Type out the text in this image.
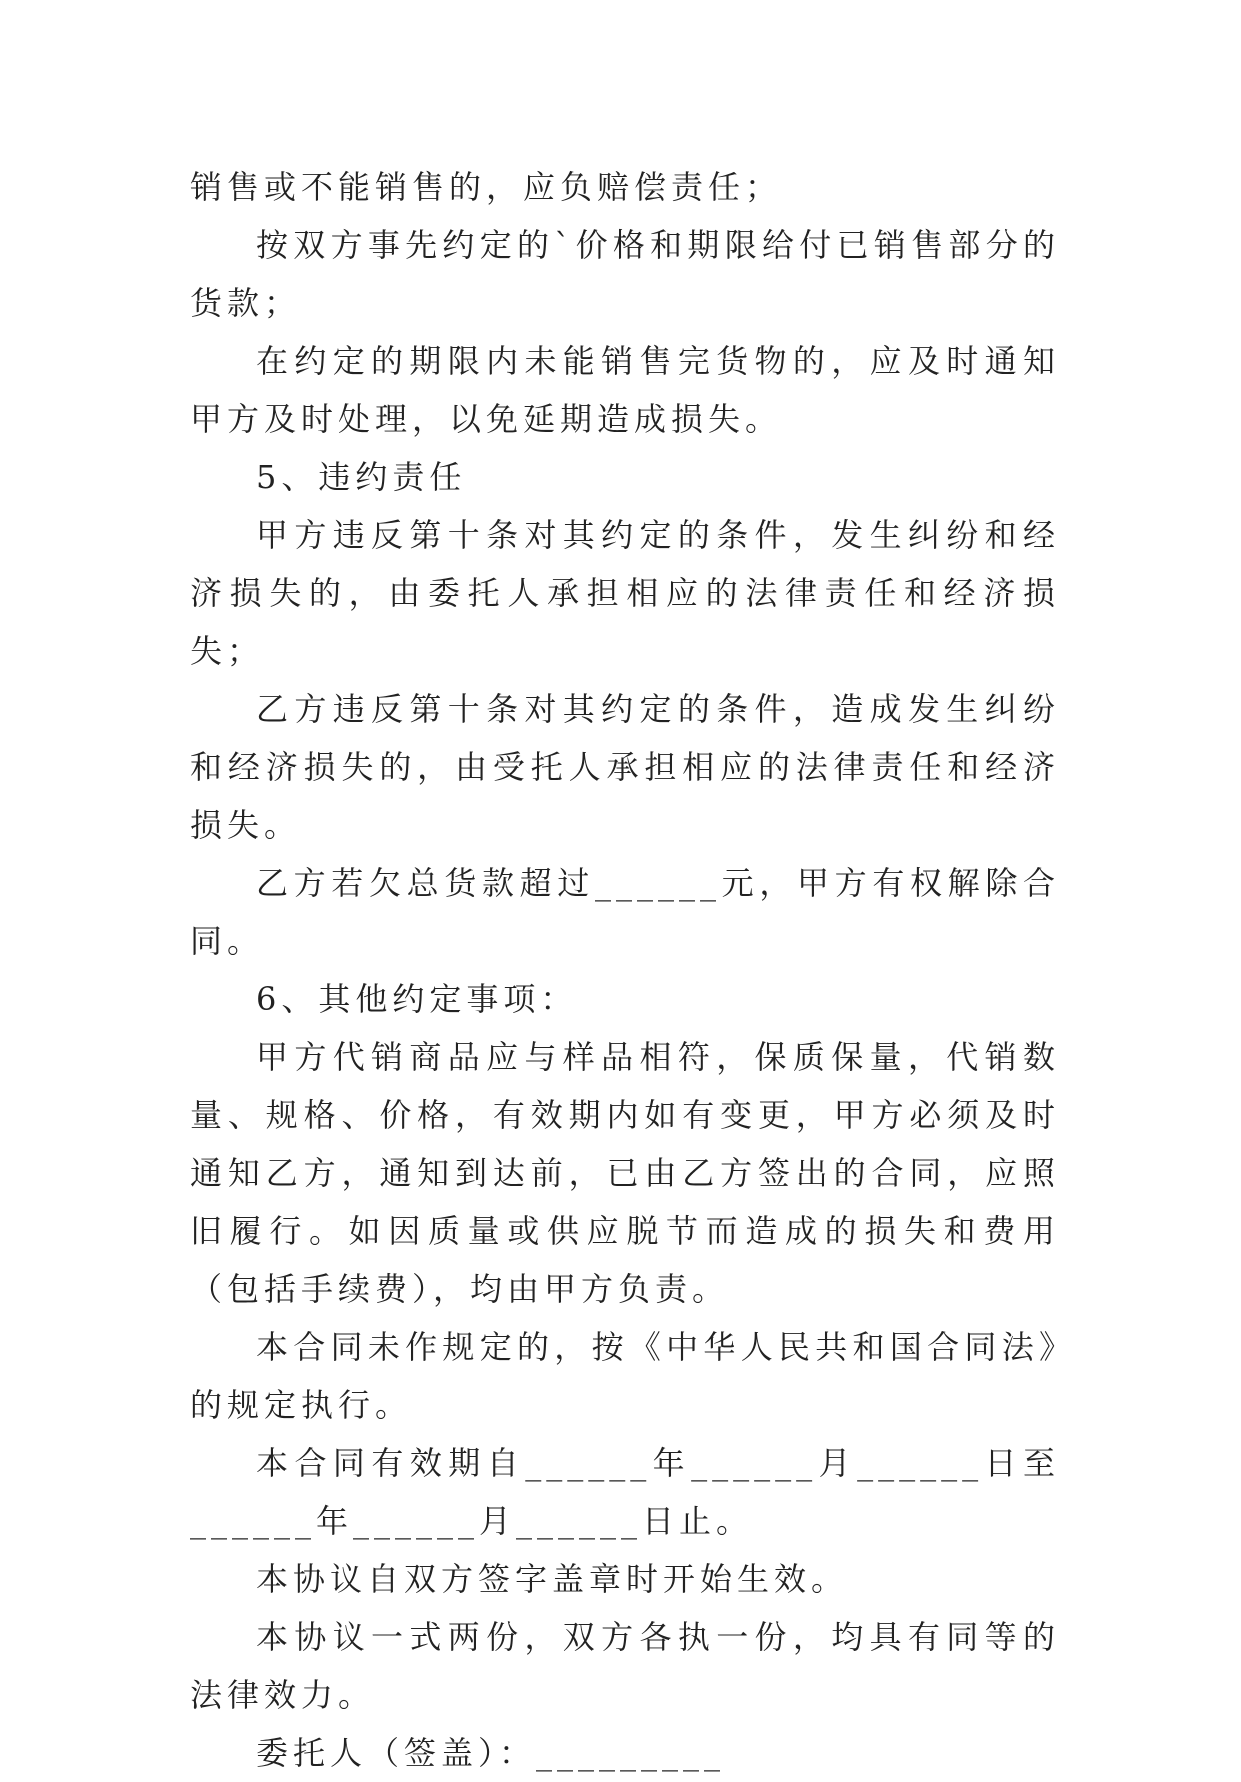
销售或不能销售的，应负赔偿责任；

按双方事先约定的`价格和期限给付已销售部分的货款；

在约定的期限内未能销售完货物的，应及时通知甲方及时处理，以免延期造成损失。

5、违约责任

甲方违反第十条对其约定的条件，发生纠纷和经济损失的，由委托人承担相应的法律责任和经济损失；

乙方违反第十条对其约定的条件，造成发生纠纷和经济损失的，由受托人承担相应的法律责任和经济损失。

乙方若欠总货款超过______元，甲方有权解除合同。

6、其他约定事项：

甲方代销商品应与样品相符，保质保量，代销数量、规格、价格，有效期内如有变更，甲方必须及时通知乙方，通知到达前，已由乙方签出的合同，应照旧履行。如因质量或供应脱节而造成的损失和费用（包括手续费），均由甲方负责。

本合同未作规定的，按《中华人民共和国合同法》的规定执行。

本合同有效期自______年______月______日至______年______月______日止。

本协议自双方签字盖章时开始生效。

本协议一式两份，双方各执一份，均具有同等的法律效力。

委托人（签盖）：_________
